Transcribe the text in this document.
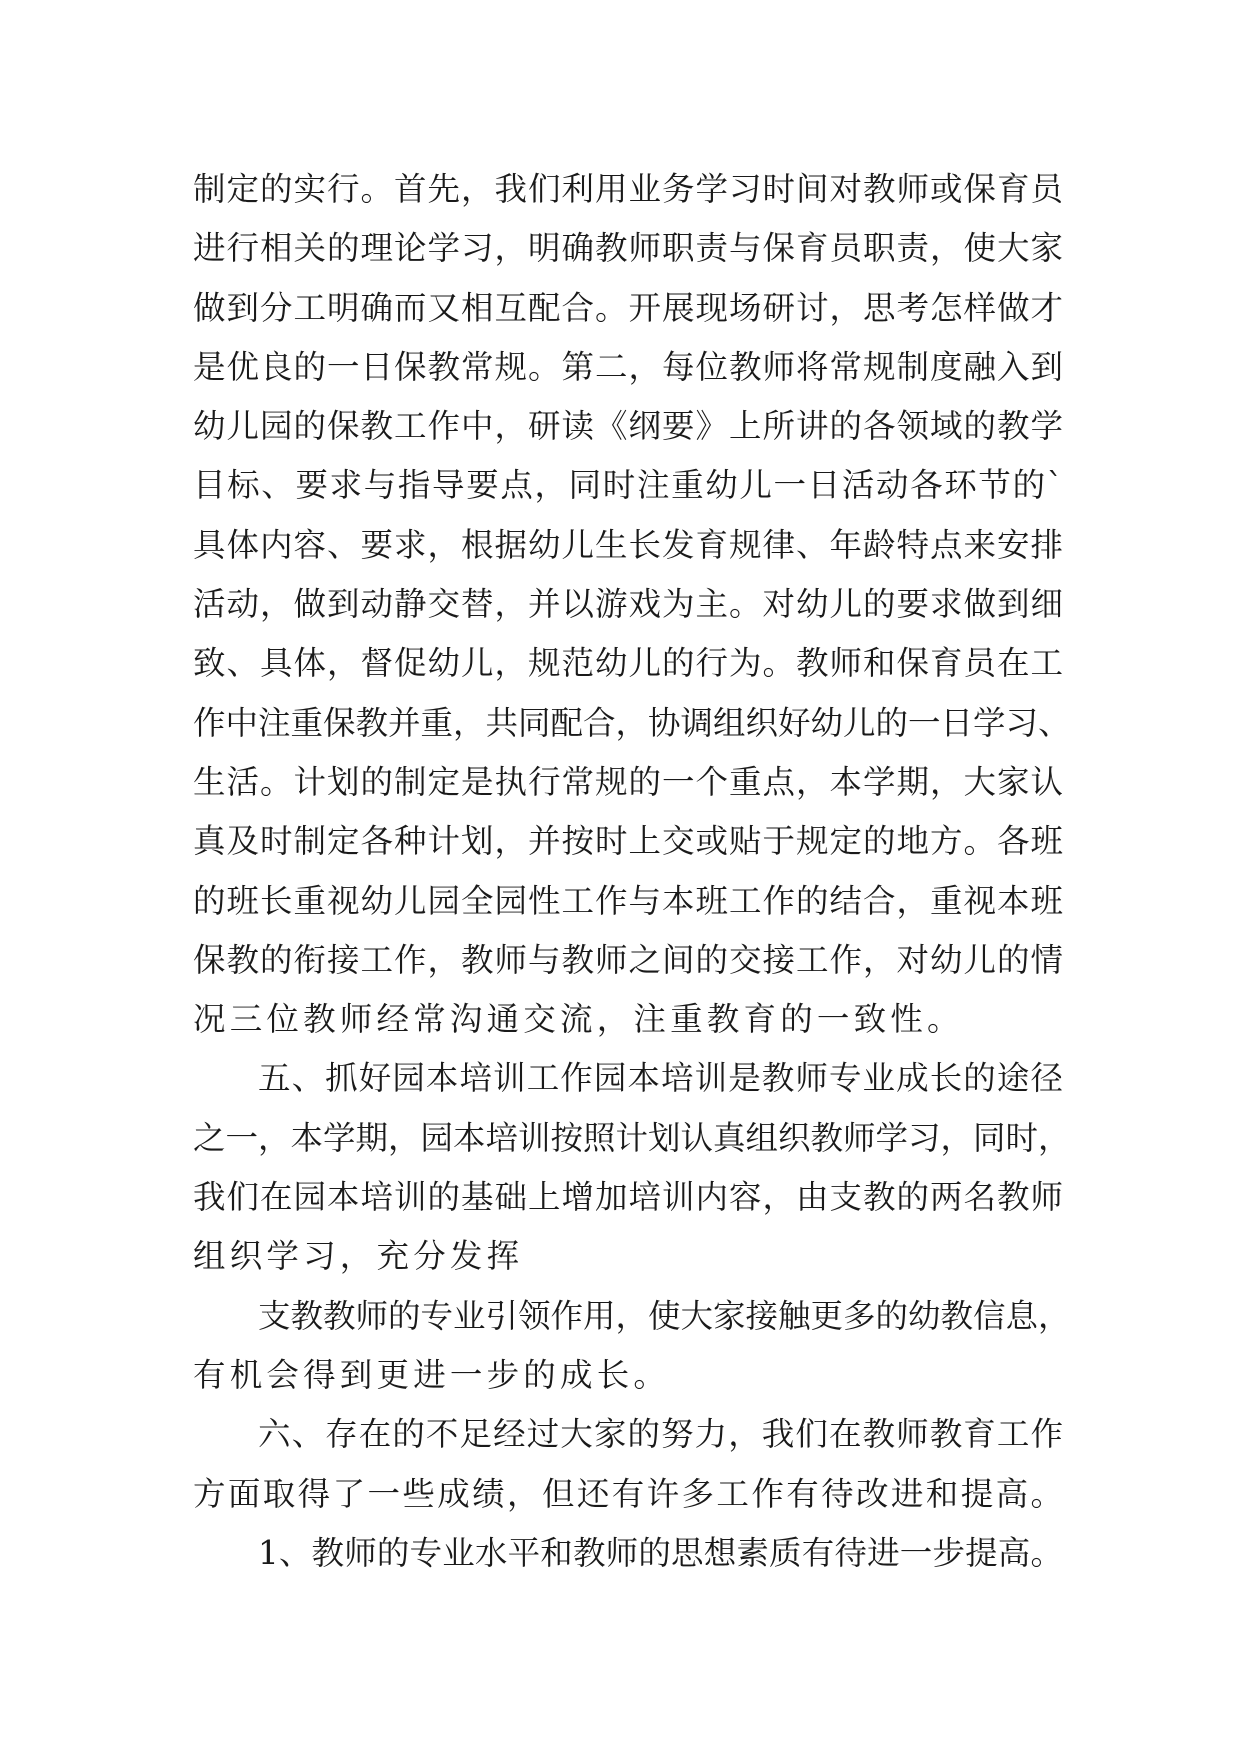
制定的实行。首先，我们利用业务学习时间对教师或保育员
进行相关的理论学习，明确教师职责与保育员职责，使大家
做到分工明确而又相互配合。开展现场研讨，思考怎样做才
是优良的一日保教常规。第二，每位教师将常规制度融入到
幼儿园的保教工作中，研读《纲要》上所讲的各领域的教学
目标、要求与指导要点，同时注重幼儿一日活动各环节的`
具体内容、要求，根据幼儿生长发育规律、年龄特点来安排
活动，做到动静交替，并以游戏为主。对幼儿的要求做到细
致、具体，督促幼儿，规范幼儿的行为。教师和保育员在工
作中注重保教并重，共同配合，协调组织好幼儿的一日学习、
生活。计划的制定是执行常规的一个重点，本学期，大家认
真及时制定各种计划，并按时上交或贴于规定的地方。各班
的班长重视幼儿园全园性工作与本班工作的结合，重视本班
保教的衔接工作，教师与教师之间的交接工作，对幼儿的情
况三位教师经常沟通交流，注重教育的一致性。
五、抓好园本培训工作园本培训是教师专业成长的途径
之一，本学期，园本培训按照计划认真组织教师学习，同时，
我们在园本培训的基础上增加培训内容，由支教的两名教师
组织学习，充分发挥
支教教师的专业引领作用，使大家接触更多的幼教信息，
有机会得到更进一步的成长。
六、存在的不足经过大家的努力，我们在教师教育工作
方面取得了一些成绩，但还有许多工作有待改进和提高。
1、教师的专业水平和教师的思想素质有待进一步提高。
